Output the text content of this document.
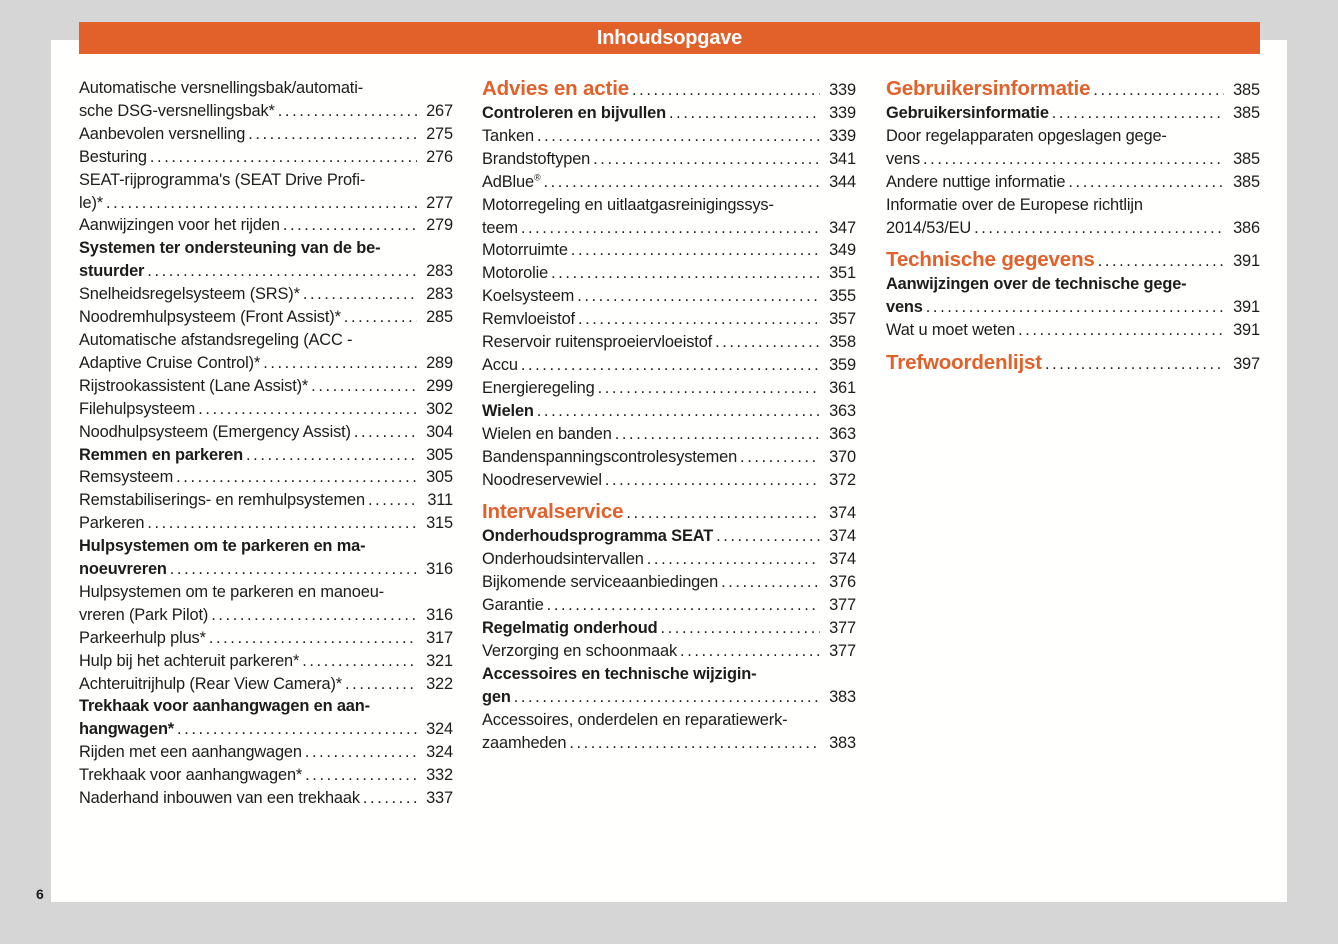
Inhoudsopgave
Automatische versnellingsbak/automati-
sche DSG-versnellingsbak* .....	267
Aanbevolen versnelling .....	275
Besturing .....	276
SEAT-rijprogramma's (SEAT Drive Profi-
le)* .....	277
Aanwijzingen voor het rijden .....	279
Systemen ter ondersteuning van de be-
stuurder .....	283
Snelheidsregelsysteem (SRS)* .....	283
Noodremhulpsysteem (Front Assist)* .....	285
Automatische afstandsregeling (ACC -
Adaptive Cruise Control)* .....	289
Rijstrookassistent (Lane Assist)* .....	299
Filehulpsysteem .....	302
Noodhulpsysteem (Emergency Assist) .....	304
Remmen en parkeren .....	305
Remsysteem .....	305
Remstabiliserings- en remhulpsystemen .....	311
Parkeren .....	315
Hulpsystemen om te parkeren en ma-
noeuvreren .....	316
Hulpsystemen om te parkeren en manoeu-
vreren (Park Pilot) .....	316
Parkeerhulp plus* .....	317
Hulp bij het achteruit parkeren* .....	321
Achteruitrijhulp (Rear View Camera)* .....	322
Trekhaak voor aanhangwagen en aan-
hangwagen* .....	324
Rijden met een aanhangwagen .....	324
Trekhaak voor aanhangwagen* .....	332
Naderhand inbouwen van een trekhaak .....	337
Advies en actie .....	339
Controleren en bijvullen .....	339
Tanken .....	339
Brandstoftypen .....	341
AdBlue® .....	344
Motorregeling en uitlaatgasreinigingssys-
teem .....	347
Motorruimte .....	349
Motorolie .....	351
Koelsysteem .....	355
Remvloeistof .....	357
Reservoir ruitensproeiervloeistof .....	358
Accu .....	359
Energieregeling .....	361
Wielen .....	363
Wielen en banden .....	363
Bandenspanningscontrolesystemen .....	370
Noodreservewiel .....	372
Intervalservice .....	374
Onderhoudsprogramma SEAT .....	374
Onderhoudsintervallen .....	374
Bijkomende serviceaanbiedingen .....	376
Garantie .....	377
Regelmatig onderhoud .....	377
Verzorging en schoonmaak .....	377
Accessoires en technische wijzigin-
gen .....	383
Accessoires, onderdelen en reparatiewerk-
zaamheden .....	383
Gebruikersinformatie .....	385
Gebruikersinformatie .....	385
Door regelapparaten opgeslagen gege-
vens .....	385
Andere nuttige informatie .....	385
Informatie over de Europese richtlijn
2014/53/EU .....	386
Technische gegevens .....	391
Aanwijzingen over de technische gege-
vens .....	391
Wat u moet weten .....	391
Trefwoordenlijst .....	397
6
